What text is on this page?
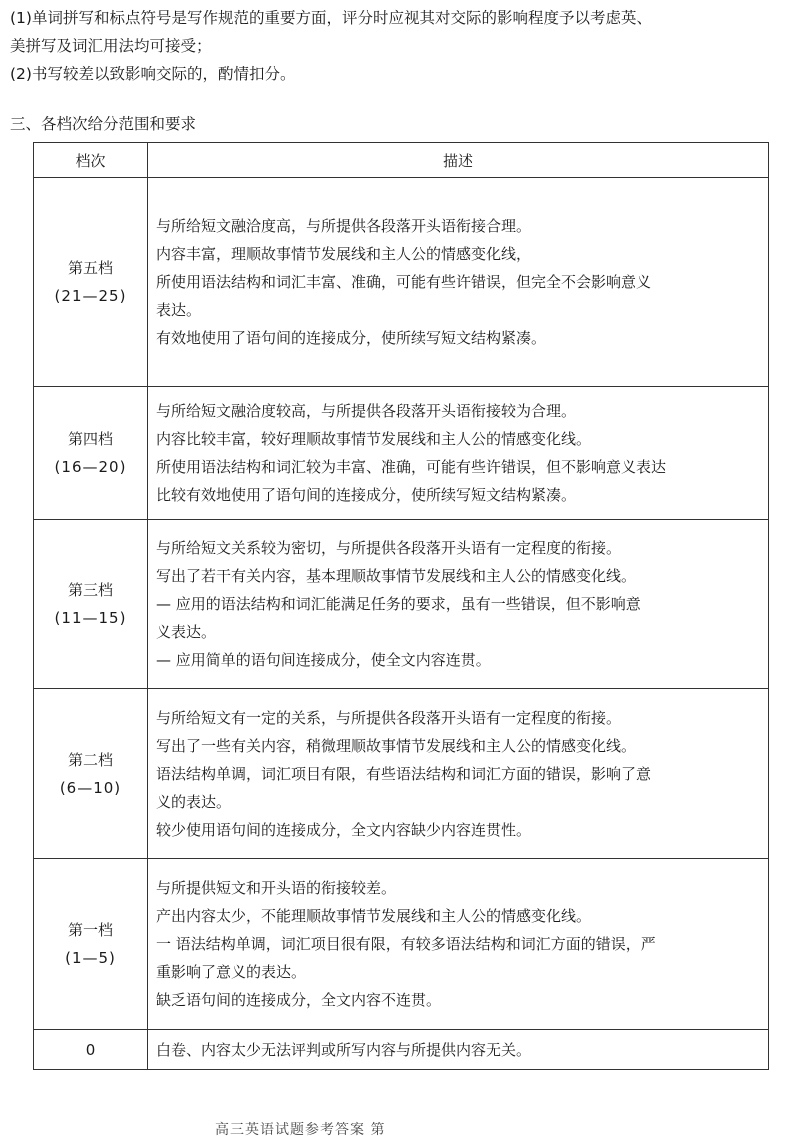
(1)单词拼写和标点符号是写作规范的重要方面，评分时应视其对交际的影响程度予以考虑英、

美拼写及词汇用法均可接受；

(2)书写较差以致影响交际的，酌情扣分。

三、各档次给分范围和要求
档次	描述
第五档
(21—25)	与所给短文融洽度高，与所提供各段落开头语衔接合理。
内容丰富，理顺故事情节发展线和主人公的情感变化线，
所使用语法结构和词汇丰富、准确，可能有些许错误，但完全不会影响意义
表达。
有效地使用了语句间的连接成分，使所续写短文结构紧凑。

第四档
(16—20)	与所给短文融洽度较高，与所提供各段落开头语衔接较为合理。
内容比较丰富，较好理顺故事情节发展线和主人公的情感变化线。
所使用语法结构和词汇较为丰富、准确，可能有些许错误，但不影响意义表达
比较有效地使用了语句间的连接成分，使所续写短文结构紧凑。

第三档
(11—15)	与所给短文关系较为密切，与所提供各段落开头语有一定程度的衔接。
写出了若干有关内容，基本理顺故事情节发展线和主人公的情感变化线。
— 应用的语法结构和词汇能满足任务的要求，虽有一些错误，但不影响意
义表达。
— 应用简单的语句间连接成分，使全文内容连贯。

第二档
(6—10)	与所给短文有一定的关系，与所提供各段落开头语有一定程度的衔接。
写出了一些有关内容，稍微理顺故事情节发展线和主人公的情感变化线。
语法结构单调，词汇项目有限，有些语法结构和词汇方面的错误，影响了意
义的表达。
较少使用语句间的连接成分，全文内容缺少内容连贯性。

第一档
(1—5)	与所提供短文和开头语的衔接较差。
产出内容太少，不能理顺故事情节发展线和主人公的情感变化线。
一 语法结构单调，词汇项目很有限，有较多语法结构和词汇方面的错误，严
重影响了意义的表达。
缺乏语句间的连接成分，全文内容不连贯。

0	白卷、内容太少无法评判或所写内容与所提供内容无关。
高三英语试题参考答案 第
